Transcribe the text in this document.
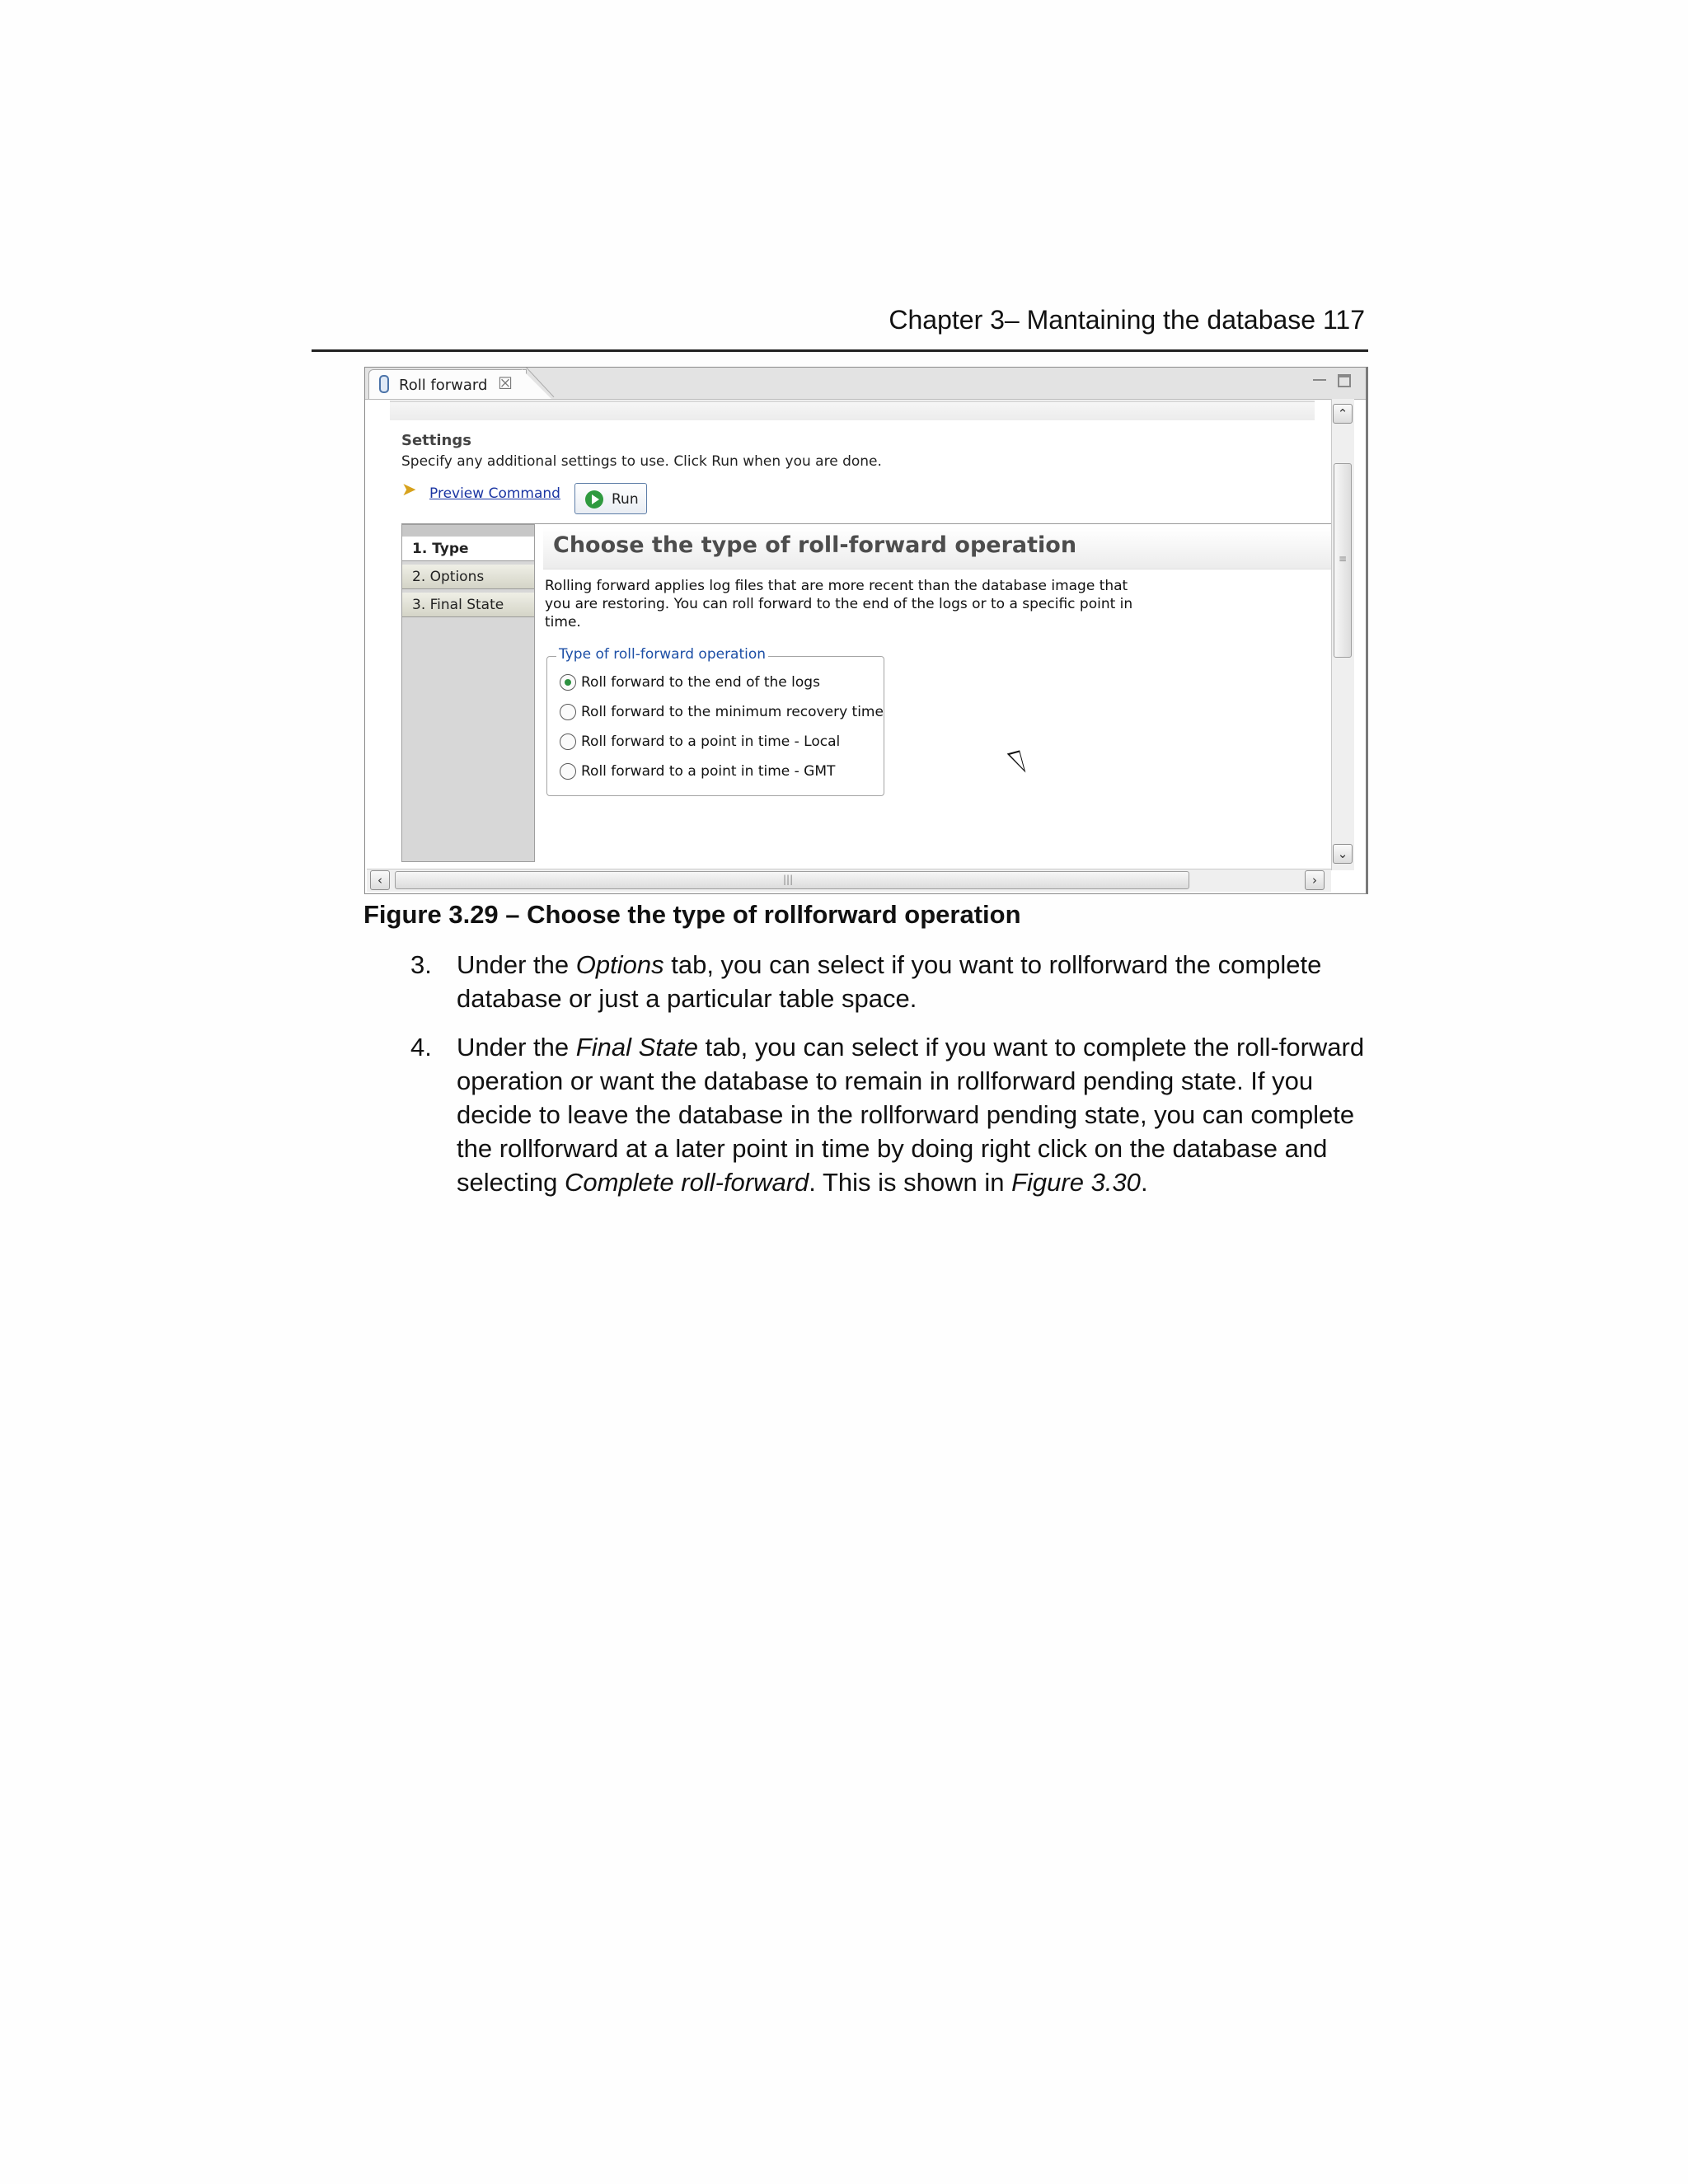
Chapter 3– Mantaining the database 117
Roll forward ☒
Settings
Specify any additional settings to use. Click Run when you are done.
➤ Preview Command	Run
1. Type
2. Options
3. Final State
Choose the type of roll-forward operation
Rolling forward applies log files that are more recent than the database image that you are restoring. You can roll forward to the end of the logs or to a specific point in time.
Type of roll-forward operation
Roll forward to the end of the logs
Roll forward to the minimum recovery time
Roll forward to a point in time - Local
Roll forward to a point in time - GMT
⌃
≡
⌄
‹	|||	›
Figure 3.29 – Choose the type of rollforward operation
3. Under the Options tab, you can select if you want to rollforward the complete database or just a particular table space.
4. Under the Final State tab, you can select if you want to complete the roll-forward operation or want the database to remain in rollforward pending state. If you decide to leave the database in the rollforward pending state, you can complete the rollforward at a later point in time by doing right click on the database and selecting Complete roll-forward. This is shown in Figure 3.30.
